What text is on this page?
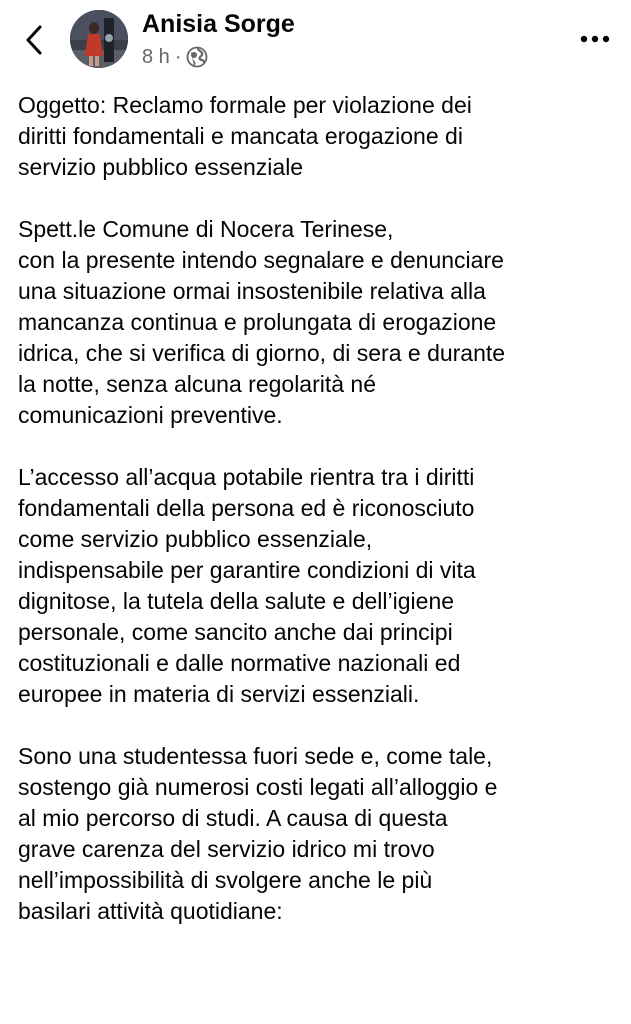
Anisia Sorge
8 h ·
Oggetto: Reclamo formale per violazione dei
diritti fondamentali e mancata erogazione di
servizio pubblico essenziale
Spett.le Comune di Nocera Terinese,
con la presente intendo segnalare e denunciare
una situazione ormai insostenibile relativa alla
mancanza continua e prolungata di erogazione
idrica, che si verifica di giorno, di sera e durante
la notte, senza alcuna regolarità né
comunicazioni preventive.
L’accesso all’acqua potabile rientra tra i diritti
fondamentali della persona ed è riconosciuto
come servizio pubblico essenziale,
indispensabile per garantire condizioni di vita
dignitose, la tutela della salute e dell’igiene
personale, come sancito anche dai principi
costituzionali e dalle normative nazionali ed
europee in materia di servizi essenziali.
Sono una studentessa fuori sede e, come tale,
sostengo già numerosi costi legati all’alloggio e
al mio percorso di studi. A causa di questa
grave carenza del servizio idrico mi trovo
nell’impossibilità di svolgere anche le più
basilari attività quotidiane:
